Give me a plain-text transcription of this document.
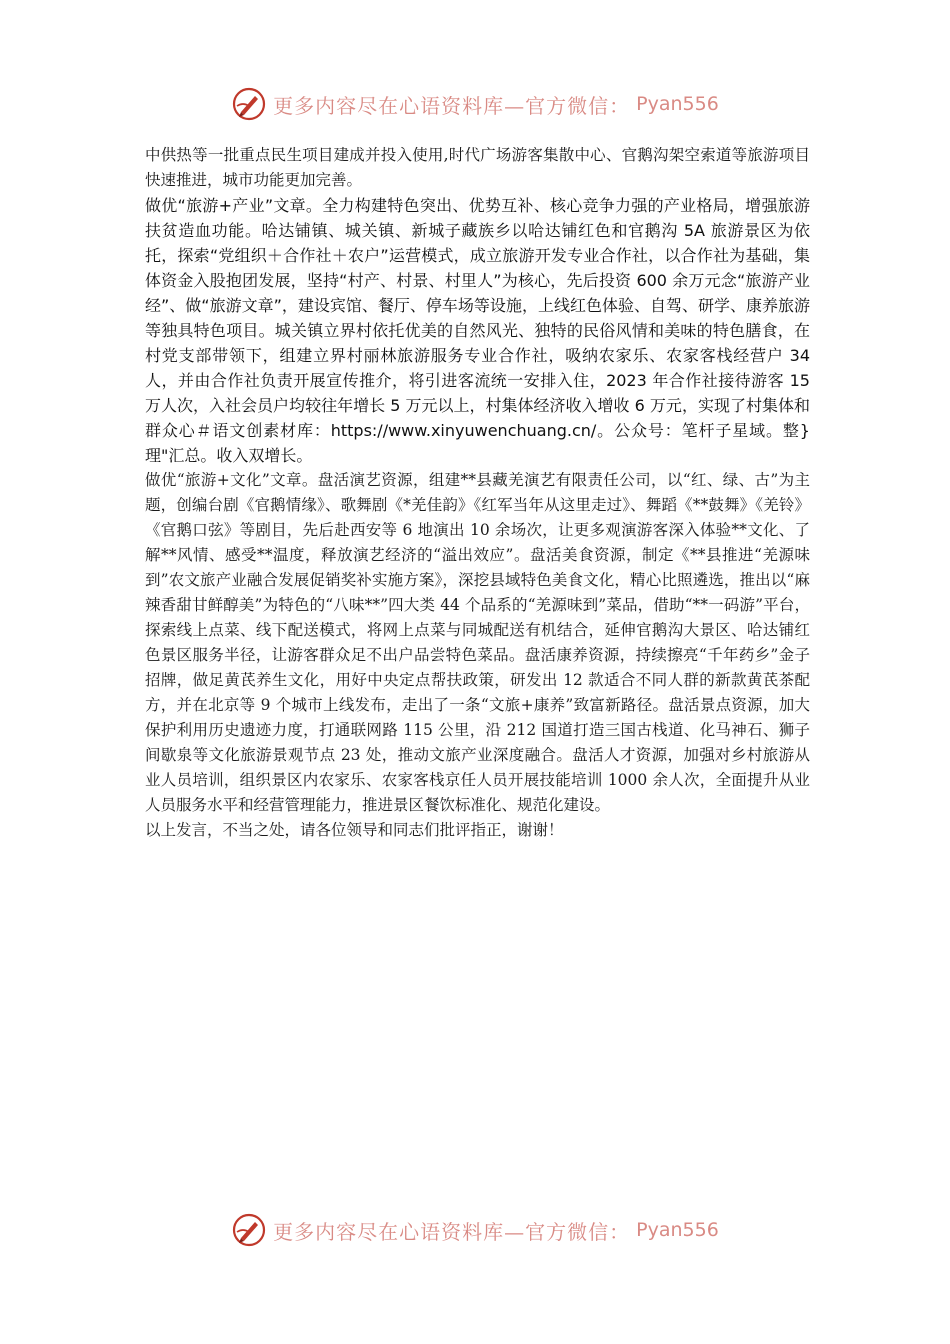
更多内容尽在心语资料库—官方微信： Pyan556

中供热等一批重点民生项目建成并投入使用,时代广场游客集散中心、官鹅沟架空索道等旅游项目快速推进，城市功能更加完善。

做优“旅游+产业”文章。全力构建特色突出、优势互补、核心竞争力强的产业格局，增强旅游扶贫造血功能。哈达铺镇、城关镇、新城子藏族乡以哈达铺红色和官鹅沟 5A 旅游景区为依托，探索“党组织＋合作社＋农户”运营模式，成立旅游开发专业合作社，以合作社为基础，集体资金入股抱团发展，坚持“村产、村景、村里人”为核心，先后投资 600 余万元念“旅游产业经”、做“旅游文章”，建设宾馆、餐厅、停车场等设施，上线红色体验、自驾、研学、康养旅游等独具特色项目。城关镇立界村依托优美的自然风光、独特的民俗风情和美味的特色膳食，在村党支部带领下，组建立界村丽林旅游服务专业合作社，吸纳农家乐、农家客栈经营户 34 人，并由合作社负责开展宣传推介，将引进客流统一安排入住，2023 年合作社接待游客 15 万人次，入社会员户均较往年增长 5 万元以上，村集体经济收入增收 6 万元，实现了村集体和群众心＃语文创素材库：https://www.xinyuwenchuang.cn/。公众号：笔杆子星域。整}理"汇总。收入双增长。

做优“旅游+文化”文章。盘活演艺资源，组建**县藏羌演艺有限责任公司，以“红、绿、古”为主题，创编台剧《官鹅情缘》、歌舞剧《*羌佳韵》《红军当年从这里走过》、舞蹈《**鼓舞》《羌铃》《官鹅口弦》等剧目，先后赴西安等 6 地演出 10 余场次，让更多观演游客深入体验**文化、了解**风情、感受**温度，释放演艺经济的“溢出效应”。盘活美食资源，制定《**县推进“羌源味到”农文旅产业融合发展促销奖补实施方案》，深挖县域特色美食文化，精心比照遴选，推出以“麻辣香甜甘鲜醇美”为特色的“八味**”四大类 44 个品系的“羌源味到”菜品，借助“**一码游”平台，探索线上点菜、线下配送模式，将网上点菜与同城配送有机结合，延伸官鹅沟大景区、哈达铺红色景区服务半径，让游客群众足不出户品尝特色菜品。盘活康养资源，持续擦亮“千年药乡”金子招牌，做足黄芪养生文化，用好中央定点帮扶政策，研发出 12 款适合不同人群的新款黄芪茶配方，并在北京等 9 个城市上线发布，走出了一条“文旅+康养”致富新路径。盘活景点资源，加大保护利用历史遗迹力度，打通联网路 115 公里，沿 212 国道打造三国古栈道、化马神石、狮子间歇泉等文化旅游景观节点 23 处，推动文旅产业深度融合。盘活人才资源，加强对乡村旅游从业人员培训，组织景区内农家乐、农家客栈京任人员开展技能培训 1000 余人次，全面提升从业人员服务水平和经营管理能力，推进景区餐饮标准化、规范化建设。

以上发言，不当之处，请各位领导和同志们批评指正，谢谢！

更多内容尽在心语资料库—官方微信： Pyan556
